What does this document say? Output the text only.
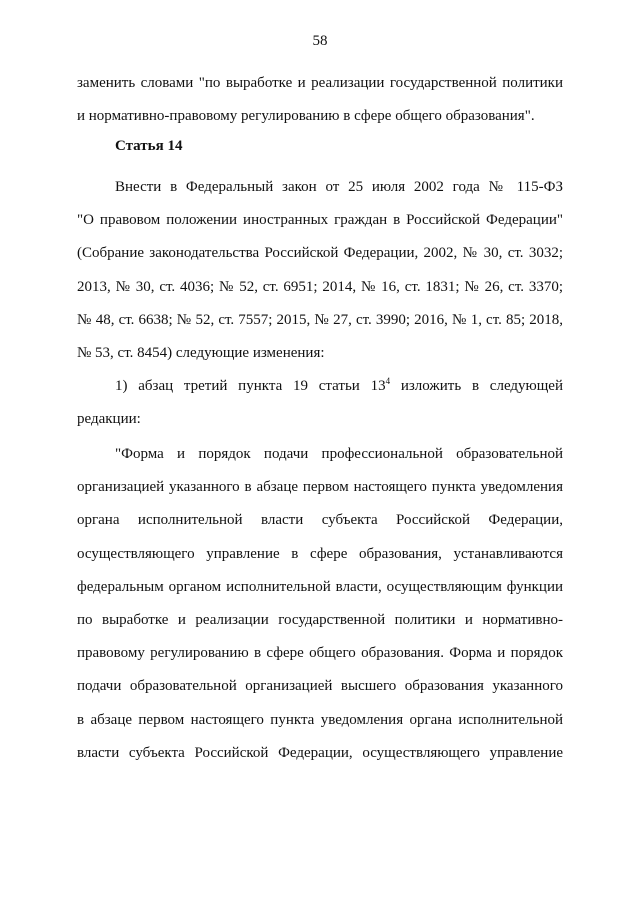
58
заменить словами "по выработке и реализации государственной политики
и нормативно-правовому регулированию в сфере общего образования".
Статья 14
Внести в Федеральный закон от 25 июля 2002 года № 115-ФЗ
"О правовом положении иностранных граждан в Российской Федерации"
(Собрание законодательства Российской Федерации, 2002, № 30, ст. 3032;
2013, № 30, ст. 4036; № 52, ст. 6951; 2014, № 16, ст. 1831; № 26, ст. 3370;
№ 48, ст. 6638; № 52, ст. 7557; 2015, № 27, ст. 3990; 2016, № 1, ст. 85; 2018,
№ 53, ст. 8454) следующие изменения:
1) абзац третий пункта 19 статьи $13^4$ изложить в следующей
редакции:
"Форма и порядок подачи профессиональной образовательной
организацией указанного в абзаце первом настоящего пункта уведомления
органа исполнительной власти субъекта Российской Федерации,
осуществляющего управление в сфере образования, устанавливаются
федеральным органом исполнительной власти, осуществляющим функции
по выработке и реализации государственной политики и нормативно-
правовому регулированию в сфере общего образования. Форма и порядок
подачи образовательной организацией высшего образования указанного
в абзаце первом настоящего пункта уведомления органа исполнительной
власти субъекта Российской Федерации, осуществляющего управление
